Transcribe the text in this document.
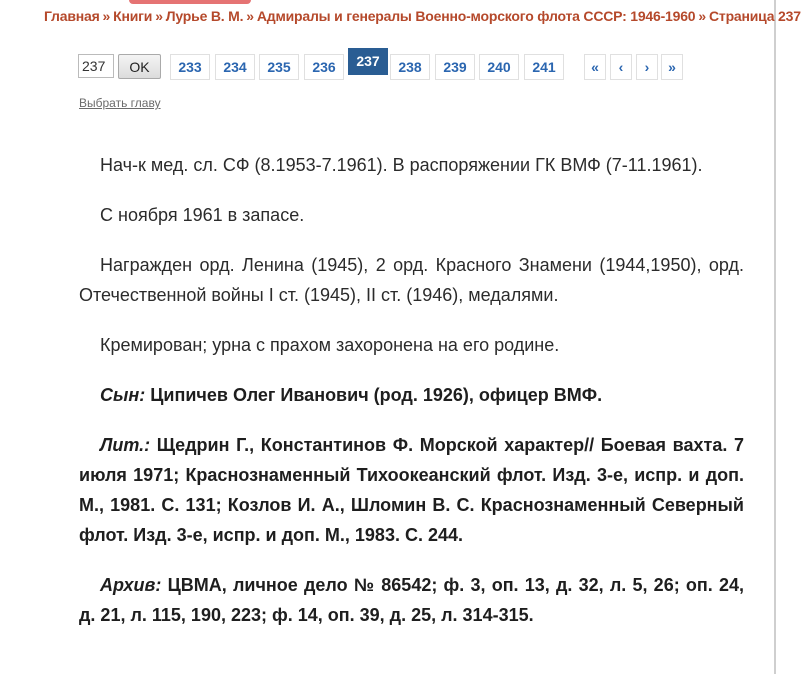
Главная » Книги » Лурье В. М. » Адмиралы и генералы Военно-морского флота СССР: 1946-1960 » Страница 237
237
OK	233	234	235	236	237	238	239	240	241	«	‹	›	»
Выбрать главу

Нач-к мед. сл. СФ (8.1953-7.1961). В распоряжении ГК ВМФ (7-11.1961).

С ноября 1961 в запасе.

Награжден орд. Ленина (1945), 2 орд. Красного Знамени (1944,1950), орд. Отечественной войны I ст. (1945), II ст. (1946), медалями.

Кремирован; урна с прахом захоронена на его родине.

Сын: Ципичев Олег Иванович (род. 1926), офицер ВМФ.

Лит.: Щедрин Г., Константинов Ф. Морской характер// Боевая вахта. 7 июля 1971; Краснознаменный Тихоокеанский флот. Изд. 3-е, испр. и доп. М., 1981. С. 131; Козлов И. А., Шломин В. С. Краснознаменный Северный флот. Изд. 3-е, испр. и доп. М., 1983. С. 244.

Архив: ЦВМА, личное дело № 86542; ф. 3, оп. 13, д. 32, л. 5, 26; оп. 24, д. 21, л. 115, 190, 223; ф. 14, оп. 39, д. 25, л. 314-315.
